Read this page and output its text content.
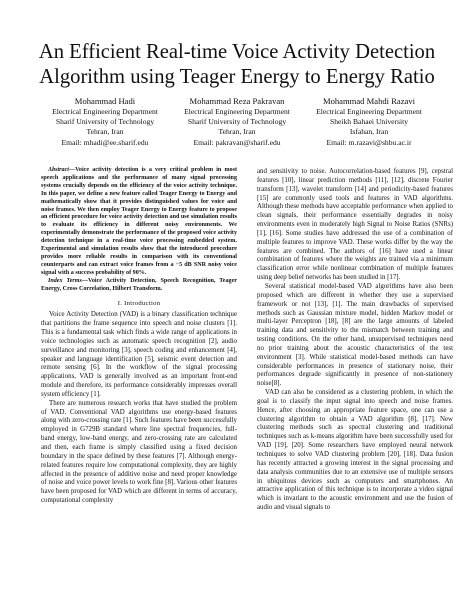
An Efficient Real-time Voice Activity Detection
Algorithm using Teager Energy to Energy Ratio
Mohammad Hadi
Electrical Engineering Department
Sharif University of Technology
Tehran, Iran
Email: mhadi@ee.sharif.edu
Mohammad Reza Pakravan
Electrical Engineering Department
Sharif University of Technology
Tehran, Iran
Email: pakravan@sharif.edu
Mohammad Mahdi Razavi
Electrical Engineering Department
Sheikh Bahaei University
Isfahan, Iran
Email: m.razavi@shbu.ac.ir

Abstract—Voice activity detection is a very critical problem in most speech applications and the performance of many signal processing systems crucially depends on the efficiency of the voice activity technique. In this paper, we define a new feature called Teager Energy to Energy and mathematically show that it provides distinguished values for voice and noise frames. We then employ Teager Energy to Energy feature to propose an efficient procedure for voice activity detection and use simulation results to evaluate its efficiency in different noisy environments. We experimentally demonstrate the performance of the proposed voice activity detection technique in a real-time voice processing embedded system. Experimental and simulation results show that the introduced procedure provides more reliable results in comparison with its conventional counterparts and can extract voice frames from a −5 dB SNR noisy voice signal with a success probability of 90%.

Index Terms—Voice Activity Detection, Speech Recognition, Teager Energy, Cross Correlation, Hilbert Transform.

I. Introduction

Voice Activity Detection (VAD) is a binary classification technique that partitions the frame sequence into speech and noise clusters [1]. This is a fundamental task which finds a wide range of applications in voice technologies such as automatic speech recognition [2], audio surveillance and monitoring [3], speech coding and enhancement [4], speaker and language identification [5], seismic event detection and remote sensing [6]. In the workflow of the signal processing applications, VAD is generally involved as an important front-end module and therefore, its performance considerably impresses overall system efficiency [1].

There are numerous research works that have studied the problem of VAD. Conventional VAD algorithms use energy-based features along with zero-crossing rate [1]. Such features have been successfully employed in G729B standard where line spectral frequencies, full-band energy, low-band energy, and zero-crossing rate are calculated and then, each frame is simply classified using a fixed decision boundary in the space defined by these features [7]. Although energy-related features require low computational complexity, they are highly affected in the presence of additive noise and need proper knowledge of noise and voice power levels to work fine [8]. Various other features have been proposed for VAD which are different in terms of accuracy, computational complexity

and sensitivity to noise. Autocorrelation-based features [9], cepstral features [10], linear prediction methods [11], [12], discrete Fourier transform [13], wavelet transform [14] and periodicity-based features [15] are commonly used tools and features in VAD algorithms. Although these methods have acceptable performance when applied to clean signals, their performance essentially degrades in noisy environments even in moderately high Signal to Noise Ratios (SNRs) [1], [16]. Some studies have addressed the use of a combination of multiple features to improve VAD. These works differ by the way the features are combined. The authors of [16] have used a linear combination of features where the weights are trained via a minimum classification error while nonlinear combination of multiple features using deep belief networks has been studied in [17].

Several statistical model-based VAD algorithms have also been proposed which are different in whether they use a supervised framework or not [13], [1]. The main drawbacks of supervised methods such as Gaussian mixture model, hidden Markov model or multi-layer Perceptron [18], [8] are the large amounts of labeled training data and sensitivity to the mismatch between training and testing conditions. On the other hand, unsupervised techniques need no prior training about the acoustic characteristics of the test environment [3]. While statistical model-based methods can have considerable performances in presence of stationary noise, their performances degrade significantly in presence of non-stationery noise[8].

VAD can also be considered as a clustering problem, in which the goal is to classify the input signal into speech and noise frames. Hence, after choosing an appropriate feature space, one can use a clustering algorithm to obtain a VAD algorithm [8], [17]. New clustering methods such as spectral clustering and traditional techniques such as k-means algorithm have been successfully used for VAD [19], [20]. Some researchers have employed neural network techniques to solve VAD clustering problem [20], [18]. Data fusion has recently attracted a growing interest in the signal processing and data analysis communities due to an extensive use of multiple sensors in ubiquitous devices such as computers and smartphones. An attractive application of this technique is to incorporate a video signal which is invariant to the acoustic environment and use the fusion of audio and visual signals to
